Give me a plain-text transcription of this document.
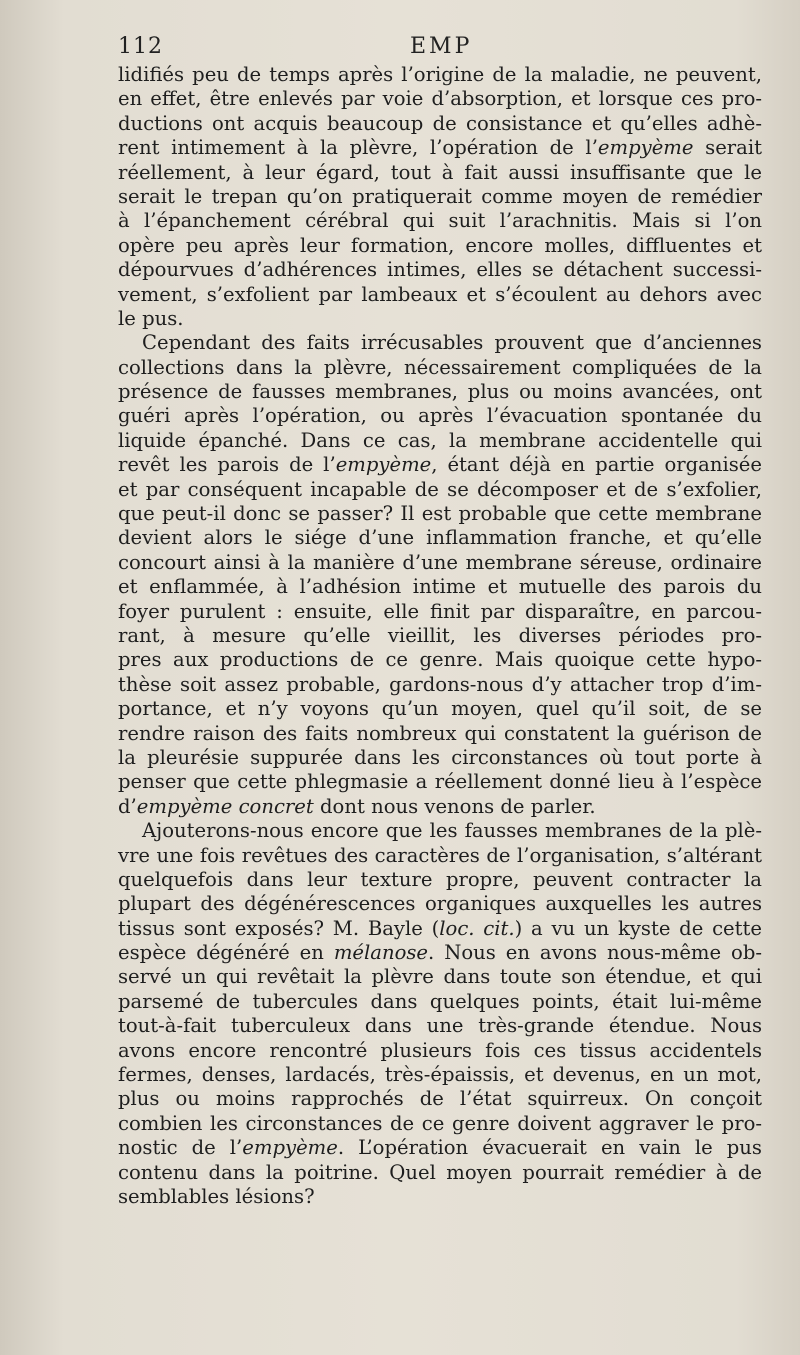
112	EMP
lidifiés peu de temps après l’origine de la maladie, ne peuvent,
en effet, être enlevés par voie d’absorption, et lorsque ces pro-
ductions ont acquis beaucoup de consistance et qu’elles adhè-
rent intimement à la plèvre, l’opération de l’empyème serait
réellement, à leur égard, tout à fait aussi insuffisante que le
serait le trepan qu’on pratiquerait comme moyen de remédier
à l’épanchement cérébral qui suit l’arachnitis. Mais si l’on
opère peu après leur formation, encore molles, diffluentes et
dépourvues d’adhérences intimes, elles se détachent successi-
vement, s’exfolient par lambeaux et s’écoulent au dehors avec
le pus.
Cependant des faits irrécusables prouvent que d’anciennes
collections dans la plèvre, nécessairement compliquées de la
présence de fausses membranes, plus ou moins avancées, ont
guéri après l’opération, ou après l’évacuation spontanée du
liquide épanché. Dans ce cas, la membrane accidentelle qui
revêt les parois de l’empyème, étant déjà en partie organisée
et par conséquent incapable de se décomposer et de s’exfolier,
que peut-il donc se passer? Il est probable que cette membrane
devient alors le siége d’une inflammation franche, et qu’elle
concourt ainsi à la manière d’une membrane séreuse, ordinaire
et enflammée, à l’adhésion intime et mutuelle des parois du
foyer purulent : ensuite, elle finit par disparaître, en parcou-
rant, à mesure qu’elle vieillit, les diverses périodes pro-
pres aux productions de ce genre. Mais quoique cette hypo-
thèse soit assez probable, gardons-nous d’y attacher trop d’im-
portance, et n’y voyons qu’un moyen, quel qu’il soit, de se
rendre raison des faits nombreux qui constatent la guérison de
la pleurésie suppurée dans les circonstances où tout porte à
penser que cette phlegmasie a réellement donné lieu à l’espèce
d’empyème concret dont nous venons de parler.
Ajouterons-nous encore que les fausses membranes de la plè-
vre une fois revêtues des caractères de l’organisation, s’altérant
quelquefois dans leur texture propre, peuvent contracter la
plupart des dégénérescences organiques auxquelles les autres
tissus sont exposés? M. Bayle (loc. cit.) a vu un kyste de cette
espèce dégénéré en mélanose. Nous en avons nous-même ob-
servé un qui revêtait la plèvre dans toute son étendue, et qui
parsemé de tubercules dans quelques points, était lui-même
tout-à-fait tuberculeux dans une très-grande étendue. Nous
avons encore rencontré plusieurs fois ces tissus accidentels
fermes, denses, lardacés, très-épaissis, et devenus, en un mot,
plus ou moins rapprochés de l’état squirreux. On conçoit
combien les circonstances de ce genre doivent aggraver le pro-
nostic de l’empyème. L’opération évacuerait en vain le pus
contenu dans la poitrine. Quel moyen pourrait remédier à de
semblables lésions?
